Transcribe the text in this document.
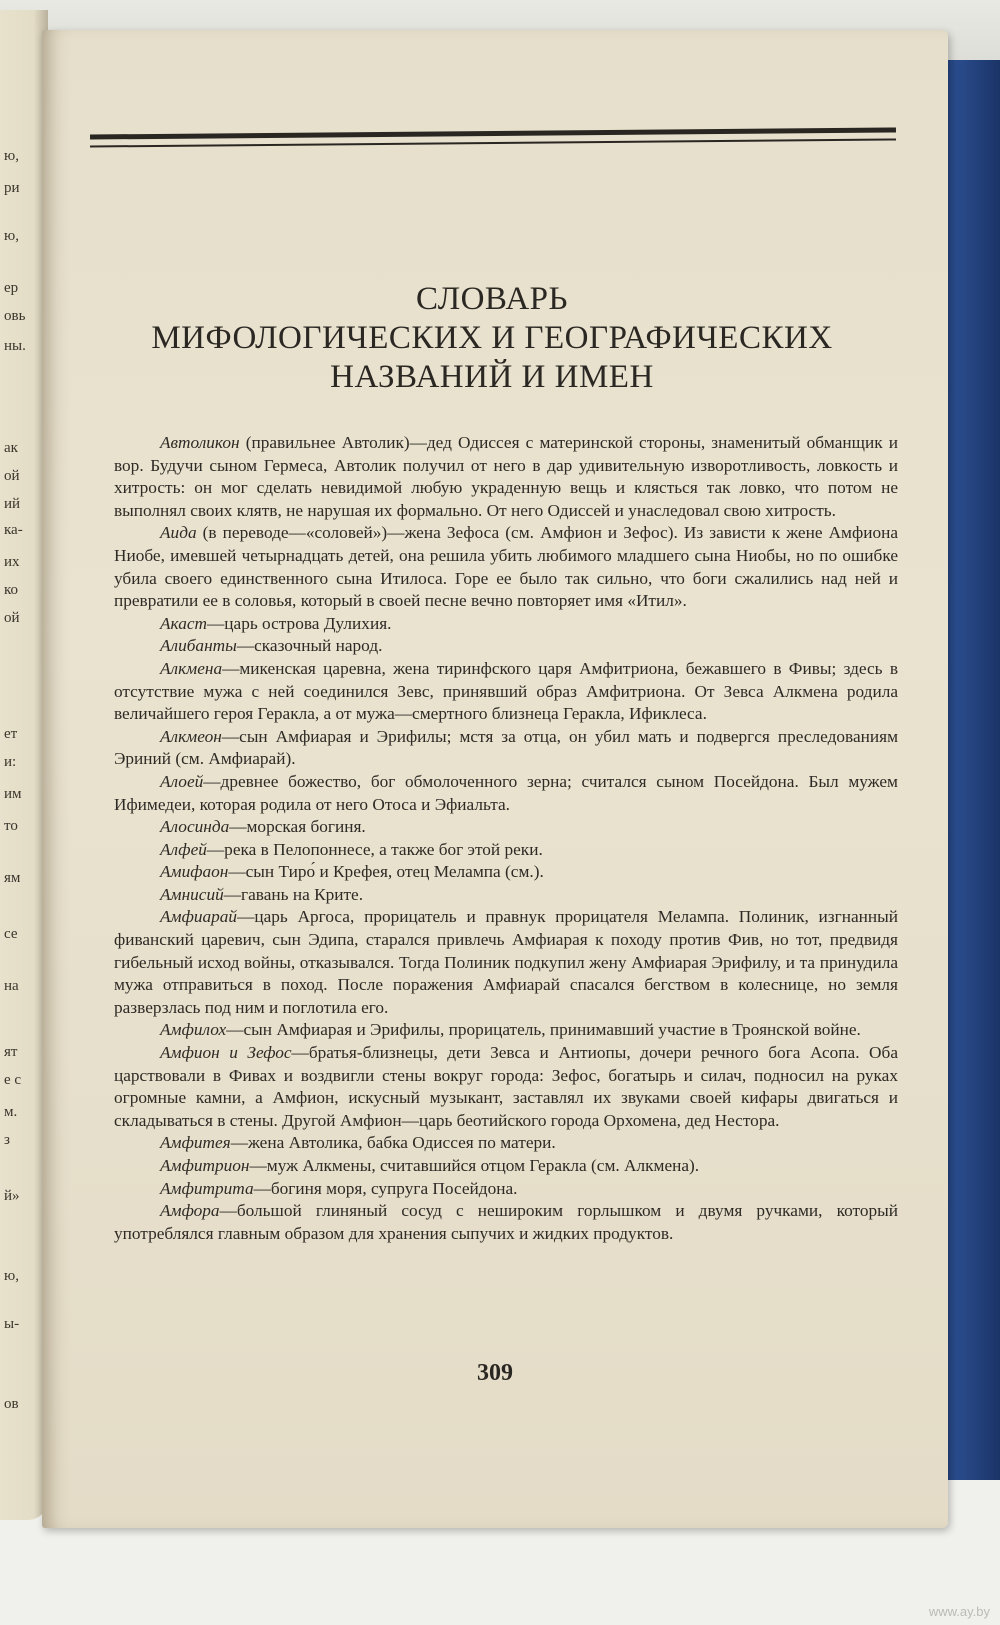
ю,
ри
ю,
ер
овь
ны.
ак
ой
ий
ка-
их
ко
ой
ет
и:
им
то
ям
се
на
ят
е с
м.
з
й»
ю,
ы-
ов
СЛОВАРЬ
МИФОЛОГИЧЕСКИХ И ГЕОГРАФИЧЕСКИХ
НАЗВАНИЙ И ИМЕН

Автоликон (правильнее Автолик)—дед Одиссея с материнской стороны, знаменитый обманщик и вор. Будучи сыном Гермеса, Автолик получил от него в дар удивительную изворотливость, ловкость и хитрость: он мог сделать невидимой любую украденную вещь и клясться так ловко, что потом не выполнял своих клятв, не нарушая их формально. От него Одиссей и унаследовал свою хитрость.

Аида (в переводе—«соловей»)—жена Зефоса (см. Амфион и Зефос). Из зависти к жене Амфиона Ниобе, имевшей четырнадцать детей, она решила убить любимого младшего сына Ниобы, но по ошибке убила своего единственного сына Итилоса. Горе ее было так сильно, что боги сжалились над ней и превратили ее в соловья, который в своей песне вечно повторяет имя «Итил».

Акаст—царь острова Дулихия.

Алибанты—сказочный народ.

Алкмена—микенская царевна, жена тиринфского царя Амфитриона, бежавшего в Фивы; здесь в отсутствие мужа с ней соединился Зевс, принявший образ Амфитриона. От Зевса Алкмена родила величайшего героя Геракла, а от мужа—смертного близнеца Геракла, Ификлеса.

Алкмеон—сын Амфиарая и Эрифилы; мстя за отца, он убил мать и подвергся преследованиям Эриний (см. Амфиарай).

Алоей—древнее божество, бог обмолоченного зерна; считался сыном Посейдона. Был мужем Ифимедеи, которая родила от него Отоса и Эфиальта.

Алосинда—морская богиня.

Алфей—река в Пелопоннесе, а также бог этой реки.

Амифаон—сын Тиро́ и Крефея, отец Мелампа (см.).

Амнисий—гавань на Крите.

Амфиарай—царь Аргоса, прорицатель и правнук прорицателя Мелампа. Полиник, изгнанный фиванский царевич, сын Эдипа, старался привлечь Амфиарая к походу против Фив, но тот, предвидя гибельный исход войны, отказывался. Тогда Полиник подкупил жену Амфиарая Эрифилу, и та принудила мужа отправиться в поход. После поражения Амфиарай спасался бегством в колеснице, но земля разверзлась под ним и поглотила его.

Амфилох—сын Амфиарая и Эрифилы, прорицатель, принимавший участие в Троянской войне.

Амфион и Зефос—братья-близнецы, дети Зевса и Антиопы, дочери речного бога Асопа. Оба царствовали в Фивах и воздвигли стены вокруг города: Зефос, богатырь и силач, подносил на руках огромные камни, а Амфион, искусный музыкант, заставлял их звуками своей кифары двигаться и складываться в стены. Другой Амфион—царь беотийского города Орхомена, дед Нестора.

Амфитея—жена Автолика, бабка Одиссея по матери.

Амфитрион—муж Алкмены, считавшийся отцом Геракла (см. Алкмена).

Амфитрита—богиня моря, супруга Посейдона.

Амфора—большой глиняный сосуд с нешироким горлышком и двумя ручками, который употреблялся главным образом для хранения сыпучих и жидких продуктов.

309
www.ay.by
